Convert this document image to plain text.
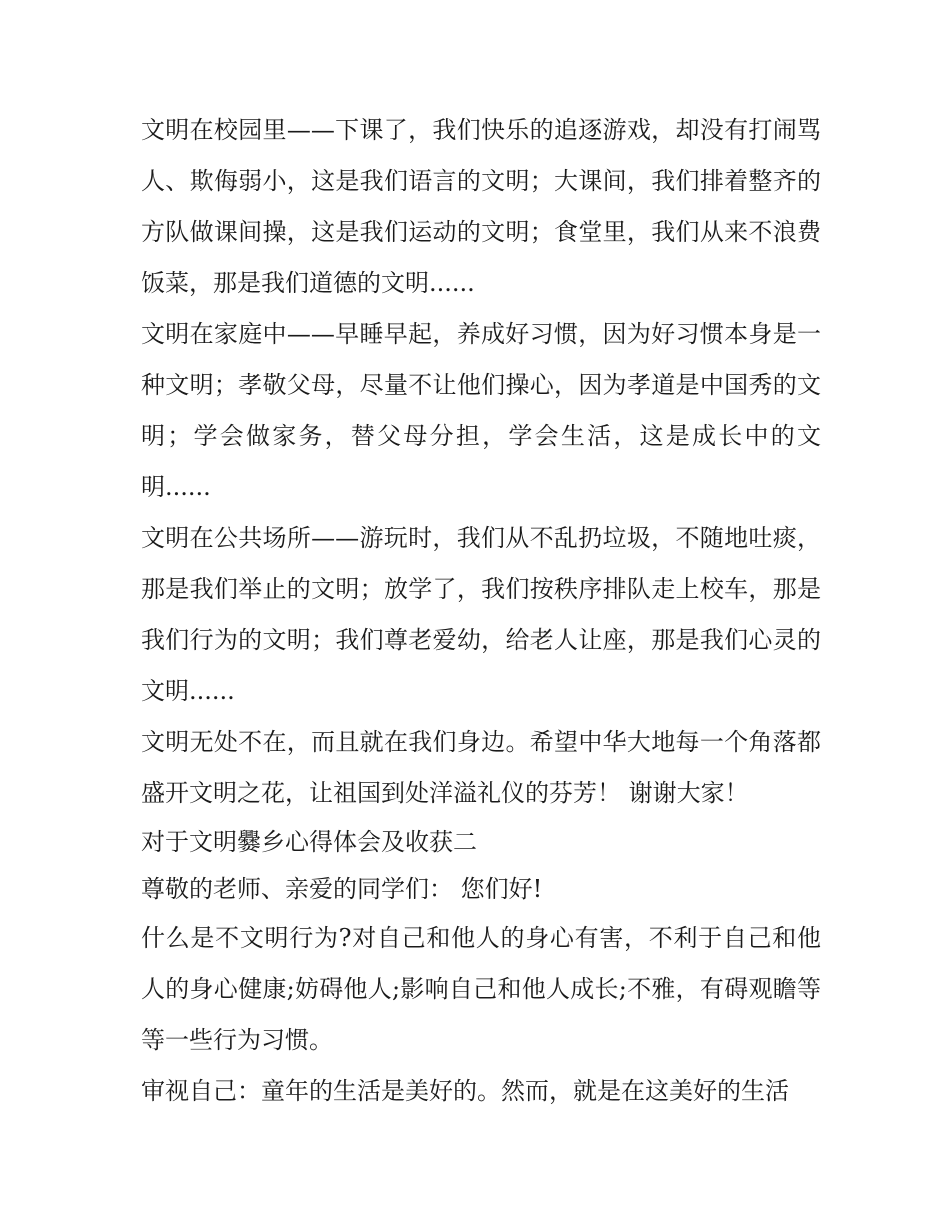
文明在校园里——下课了，我们快乐的追逐游戏，却没有打闹骂人、欺侮弱小，这是我们语言的文明；大课间，我们排着整齐的方队做课间操，这是我们运动的文明；食堂里，我们从来不浪费饭菜，那是我们道德的文明......

文明在家庭中——早睡早起，养成好习惯，因为好习惯本身是一种文明；孝敬父母，尽量不让他们操心，因为孝道是中国秀的文明；学会做家务，替父母分担，学会生活，这是成长中的文明......

文明在公共场所——游玩时，我们从不乱扔垃圾，不随地吐痰，那是我们举止的文明；放学了，我们按秩序排队走上校车，那是我们行为的文明；我们尊老爱幼，给老人让座，那是我们心灵的文明......

文明无处不在，而且就在我们身边。希望中华大地每一个角落都盛开文明之花，让祖国到处洋溢礼仪的芬芳！ 谢谢大家！

对于文明爨乡心得体会及收获二

尊敬的老师、亲爱的同学们： 您们好!

什么是不文明行为?对自己和他人的身心有害，不利于自己和他人的身心健康;妨碍他人;影响自己和他人成长;不雅，有碍观瞻等等一些行为习惯。

审视自己：童年的生活是美好的。然而，就是在这美好的生活
